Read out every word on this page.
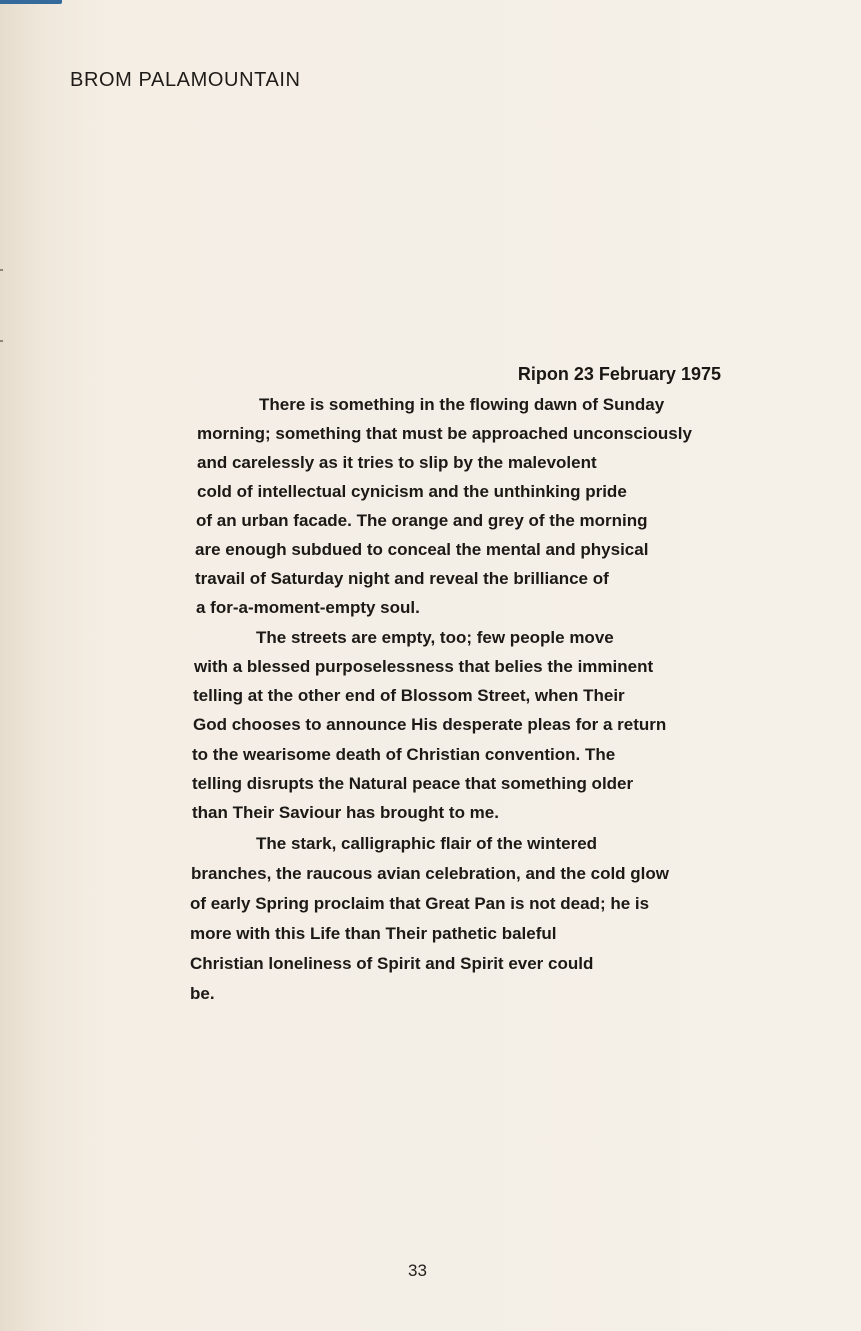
BROM PALAMOUNTAIN
Ripon 23 February 1975
There is something in the flowing dawn of Sunday
morning; something that must be approached unconsciously
and carelessly as it tries to slip by the malevolent
cold of intellectual cynicism and the unthinking pride
of an urban facade. The orange and grey of the morning
are enough subdued to conceal the mental and physical
travail of Saturday night and reveal the brilliance of
a for-a-moment-empty soul.
The streets are empty, too; few people move
with a blessed purposelessness that belies the imminent
telling at the other end of Blossom Street, when Their
God chooses to announce His desperate pleas for a return
to the wearisome death of Christian convention. The
telling disrupts the Natural peace that something older
than Their Saviour has brought to me.
The stark, calligraphic flair of the wintered
branches, the raucous avian celebration, and the cold glow
of early Spring proclaim that Great Pan is not dead; he is
more with this Life than Their pathetic baleful
Christian loneliness of Spirit and Spirit ever could
be.
33
